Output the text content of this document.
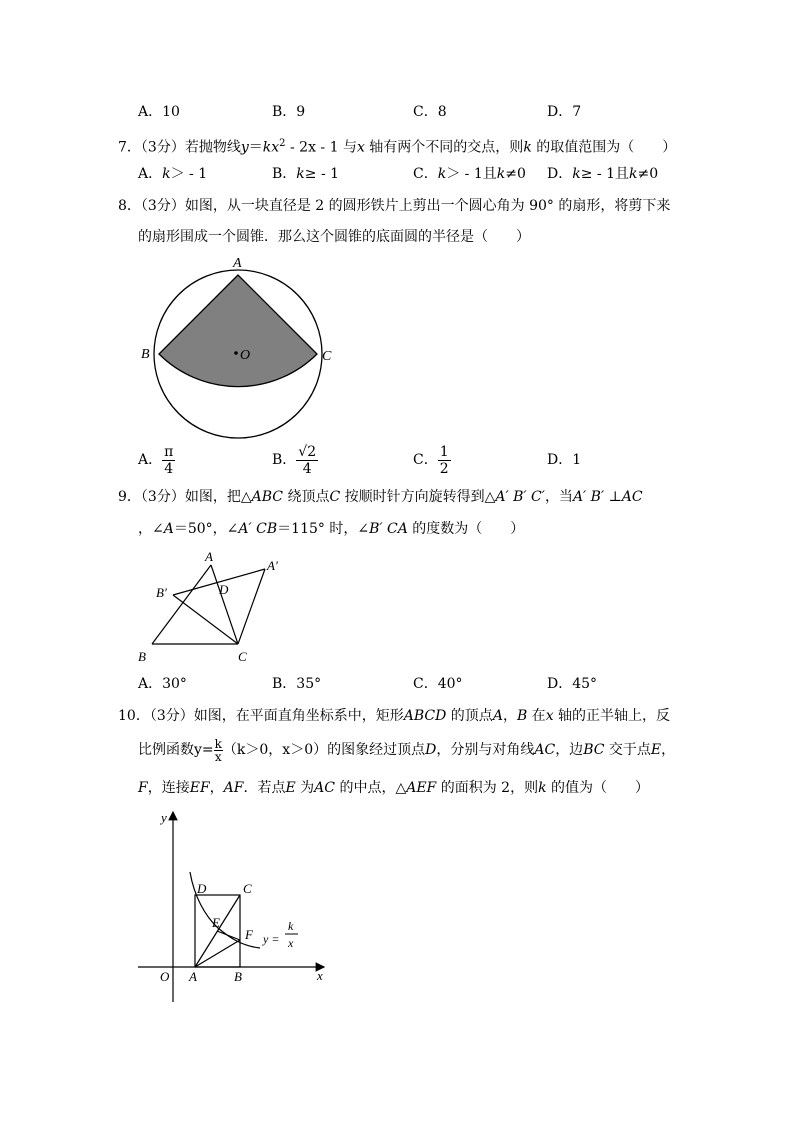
A．10	B．9	C．8	D．7
7．（3分）若抛物线$y=kx^2 - 2x - 1$ 与x 轴有两个不同的交点，则k 的取值范围为（　　）
A．k＞ - 1	B．k≥ - 1	C．k＞ - 1且k≠0 D．k≥ - 1且k≠0
8．（3分）如图，从一块直径是 2 的圆形铁片上剪出一个圆心角为 90° 的扇形，将剪下来
的扇形围成一个圆锥．那么这个圆锥的底面圆的半径是（　　）
A
B	C
O
A． $\frac{\pi}{4}$	B． $\frac{√2}{4}$	C． $\frac{1}{2}$	D．1
9．（3分）如图，把△ABC 绕顶点C 按顺时针方向旋转得到△A′ B′ C′，当A′ B′ ⊥AC
，∠A＝50°，∠A′ CB＝115° 时，∠B′ CA 的度数为（　　）
A
A′
B
B′
C
D
A．30°	B．35°	C．40°	D．45°
10．（3分）如图，在平面直角坐标系中，矩形ABCD 的顶点A，B 在x 轴的正半轴上，反
比例函数$y= \frac{k}{x} (k>0$，x＞0）的图象经过顶点D，分别与对角线AC，边BC 交于点E，
F，连接EF，AF．若点E 为AC 的中点，△AEF 的面积为 2，则k 的值为（　　）
y
x
O A	B
C
D
E
F y =
k
x
